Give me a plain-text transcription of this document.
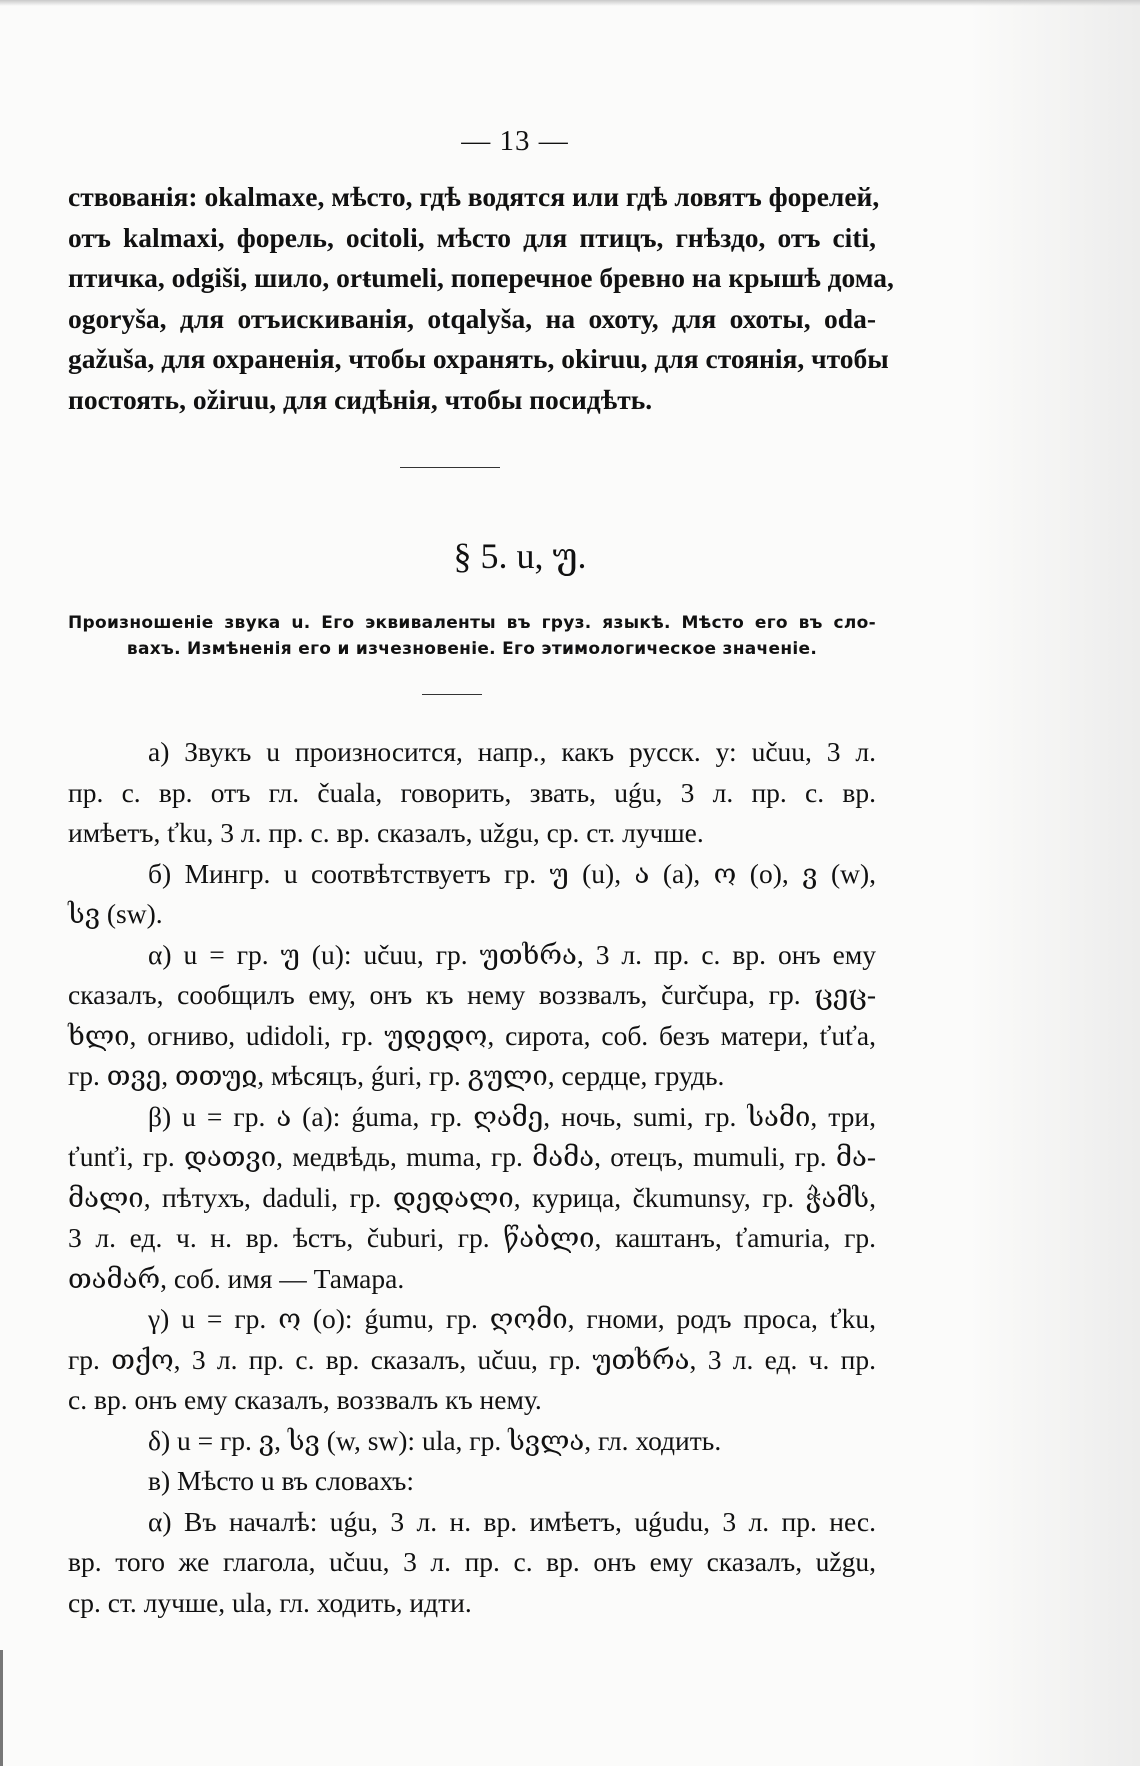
— 13 —
ствованія: okalmaxe, мѣсто, гдѣ водятся или гдѣ ловятъ форелей,
отъ kalmaxi, форель, ocitoli, мѣсто для птицъ, гнѣздо, отъ citi,
птичка, odgiši, шило, orŧumeli, поперечное бревно на крышѣ дома,
ogoryša, для отъискиванія, otqalyša, на охоту, для охоты, oda-
gažuša, для охраненія, чтобы охранять, okiruu, для стоянія, чтобы
постоять, ožiruu, для сидѣнія, чтобы посидѣть.
§ 5. u, უ.
Произношеніе звука u. Его эквиваленты въ груз. языкѣ. Мѣсто его въ сло-
вахъ. Измѣненія его и изчезновеніе. Его этимологическое значеніе.
а) Звукъ u произносится, напр., какъ русск. у: učuu, 3 л.
пр. с. вр. отъ гл. čuala, говорить, звать, uǵu, 3 л. пр. с. вр.
имѣетъ, ťku, 3 л. пр. с. вр. сказалъ, užgu, ср. ст. лучше.
б) Мингр. u соотвѣтствуетъ гр. უ (u), ა (a), ო (o), ვ (w),
სვ (sw).
α) u = гр. უ (u): učuu, гр. უთხრა, 3 л. пр. с. вр. онъ ему
сказалъ, сообщилъ ему, онъ къ нему воззвалъ, čurčupa, гр. ცეც-
ხლი, огниво, udidoli, гр. უდედო, сирота, соб. безъ матери, ťuťa,
гр. თვე, თთუჲ, мѣсяцъ, ǵuri, гр. გული, сердце, грудь.
β) u = гр. ა (a): ǵuma, гр. ღამე, ночь, sumi, гр. სამი, три,
ťunťi, гр. დათვი, медвѣдь, muma, гр. მამა, отецъ, mumuli, гр. მა-
მალი, пѣтухъ, daduli, гр. დედალი, курица, čkumunsy, гр. ჭამს,
3 л. ед. ч. н. вр. ѣстъ, čuburi, гр. წაბლი, каштанъ, ťamuria, гр.
თამარ, соб. имя — Тамара.
γ) u = гр. ო (o): ǵumu, гр. ღომი, гноми, родъ проса, ťku,
гр. თქო, 3 л. пр. с. вр. сказалъ, učuu, гр. უთხრა, 3 л. ед. ч. пр.
с. вр. онъ ему сказалъ, воззвалъ къ нему.
δ) u = гр. ვ, სვ (w, sw): ula, гр. სვლა, гл. ходить.
в) Мѣсто u въ словахъ:
α) Въ началѣ: uǵu, 3 л. н. вр. имѣетъ, uǵudu, 3 л. пр. нес.
вр. того же глагола, učuu, 3 л. пр. с. вр. онъ ему сказалъ, užgu,
ср. ст. лучше, ula, гл. ходить, идти.
